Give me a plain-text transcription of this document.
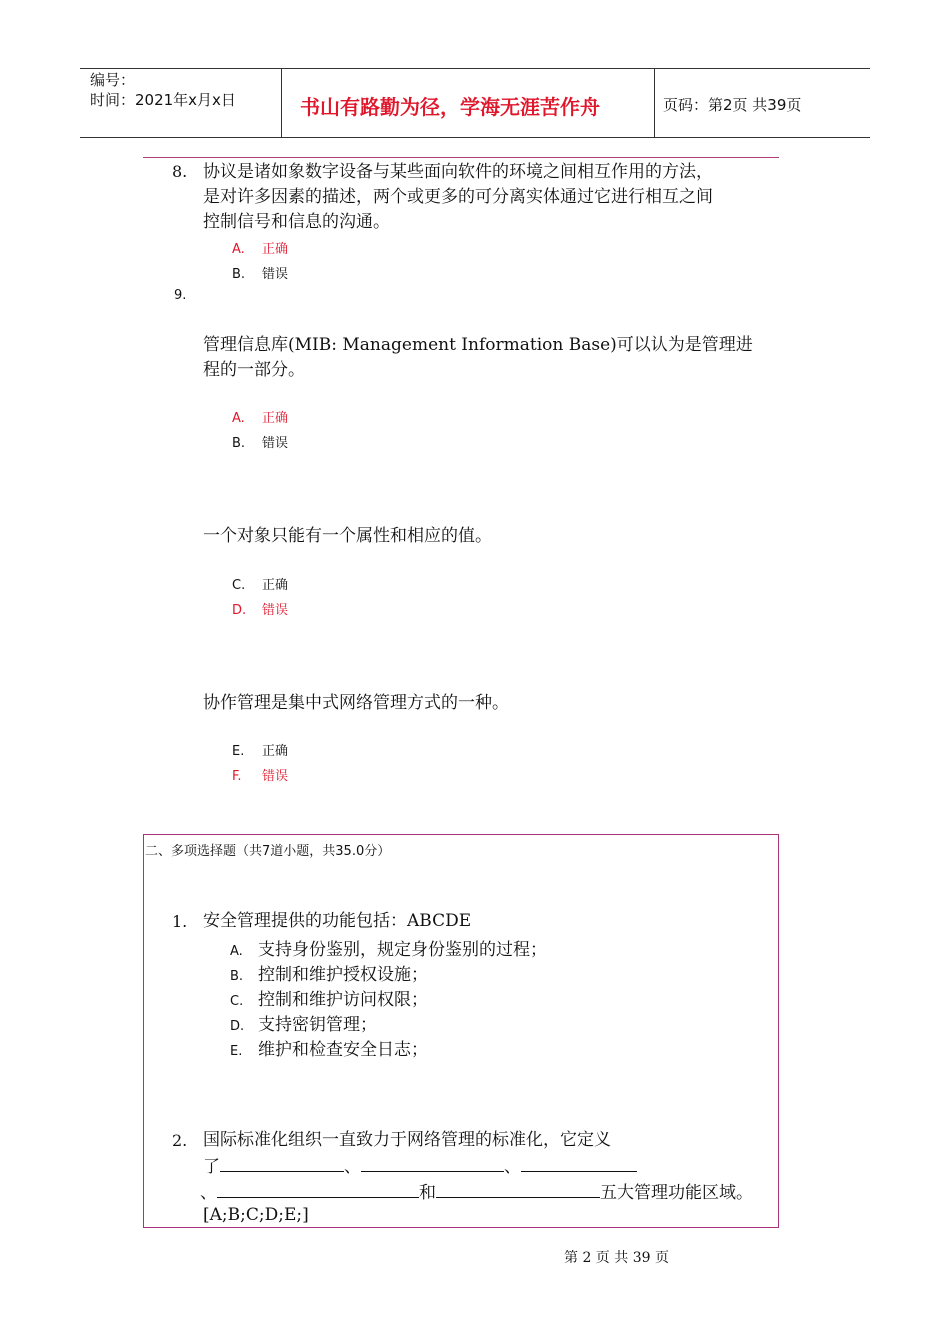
编号：
时间：2021年x月x日	书山有路勤为径，学海无涯苦作舟	页码：第2页 共39页
8. 协议是诸如象数字设备与某些面向软件的环境之间相互作用的方法，
是对许多因素的描述，两个或更多的可分离实体通过它进行相互之间
控制信号和信息的沟通。
A. 正确
B. 错误
9.
管理信息库(MIB: Management Information Base)可以认为是管理进
程的一部分。
A. 正确
B. 错误
一个对象只能有一个属性和相应的值。
C. 正确
D. 错误
协作管理是集中式网络管理方式的一种。
E. 正确
F. 错误
二、多项选择题（共7道小题，共35.0分）
1. 安全管理提供的功能包括：ABCDE
A. 支持身份鉴别，规定身份鉴别的过程；
B. 控制和维护授权设施；
C. 控制和维护访问权限；
D. 支持密钥管理；
E. 维护和检查安全日志；
2. 国际标准化组织一直致力于网络管理的标准化，它定义
了	、	、
、	和	五大管理功能区域。
[A;B;C;D;E;]
第 2 页 共 39 页
